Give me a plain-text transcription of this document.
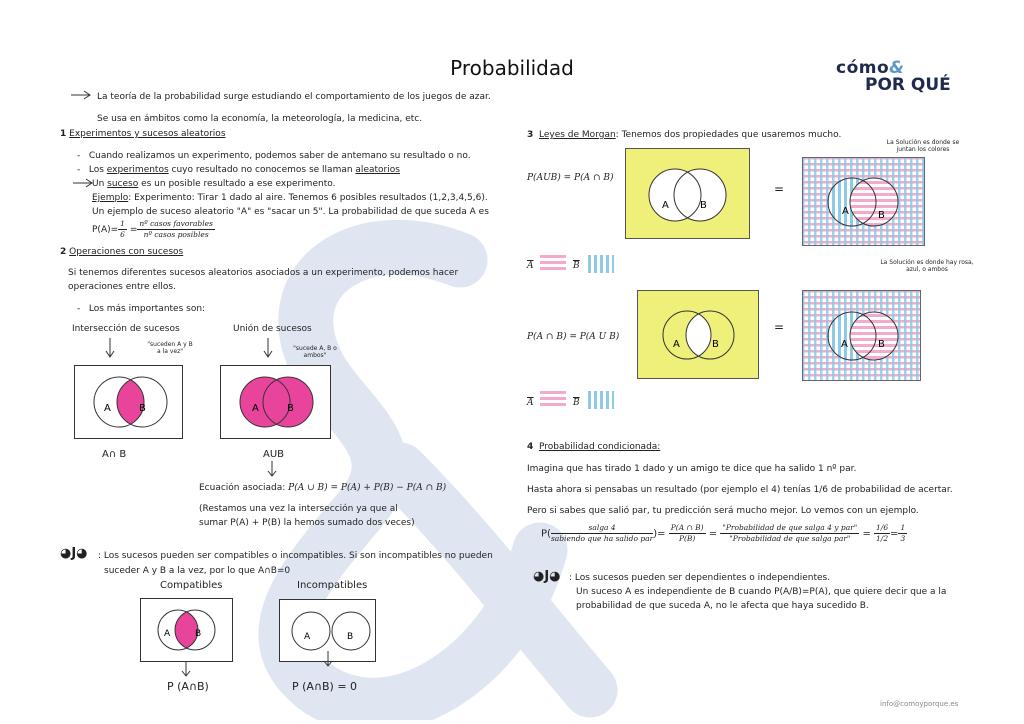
Probabilidad	cómo&
POR QUÉ
La teoría de la probabilidad surge estudiando el comportamiento de los juegos de azar.
Se usa en ámbitos como la economía, la meteorología, la medicina, etc.
1 Experimentos y sucesos aleatorios
-   Cuando realizamos un experimento, podemos saber de antemano su resultado o no.
-   Los experimentos cuyo resultado no conocemos se llaman aleatorios
Un suceso es un posible resultado a ese experimento.
Ejemplo: Experimento: Tirar 1 dado al aire. Tenemos 6 posibles resultados (1,2,3,4,5,6).
Un ejemplo de suceso aleatorio "A" es "sacar un 5". La probabilidad de que suceda A es
$P(A)= \frac{1}{6} = \frac{\text{nº casos favorables}}{\text{nº casos posibles}}$
2 Operaciones con sucesos
Si tenemos diferentes sucesos aleatorios asociados a un experimento, podemos hacer
operaciones entre ellos.
-   Los más importantes son:
Intersección de sucesos	Unión de sucesos
"suceden A y B
a la vez"	"sucede A, B o
ambos"
A	B	A	B
A∩ B	AUB
Ecuación asociada: P(A ∪ B) = P(A) + P(B) − P(A ∩ B)
(Restamos una vez la intersección ya que al
sumar P(A) + P(B) la hemos sumado dos veces)
◕J◕ : Los sucesos pueden ser compatibles o incompatibles. Si son incompatibles no pueden
suceder A y B a la vez, por lo que A∩B=0
Compatibles	Incompatibles
A	B	A	B
P (A∩B)	P (A∩B) = 0
3 Leyes de Morgan: Tenemos dos propiedades que usaremos mucho.
La Solución es donde se
juntan los colores
P(AUB) = P(A ∩ B)
A	B
=
A	B
$\overline{A}$	$\overline{B}$	La Solución es donde hay rosa,
azul, o ambos
A	B
P(A ∩ B) = P(A U B)
=
A	B
$\overline{A}$	$\overline{B}$
4 Probabilidad condicionada:
Imagina que has tirado 1 dado y un amigo te dice que ha salido 1 nº par.
Hasta ahora si pensabas un resultado (por ejemplo el 4) tenías 1/6 de probabilidad de acertar.
Pero si sabes que salió par, tu predicción será mucho mejor. Lo vemos con un ejemplo.
$P( \frac{salga 4}{\text{sabiendo que ha salido par}}$ )= $\frac{P(A \cap B)}{P(B)} = \frac{\text{"Probabilidad de que salga 4 y par"}}{\text{"Probabilidad de que salga par"}} = \frac{1/6}{1/2} = \frac{1}{3}$
◕J◕ : Los sucesos pueden ser dependientes o independientes.
Un suceso A es independiente de B cuando P(A/B)=P(A), que quiere decir que a la
probabilidad de que suceda A, no le afecta que haya sucedido B.
info@comoyporque.es
